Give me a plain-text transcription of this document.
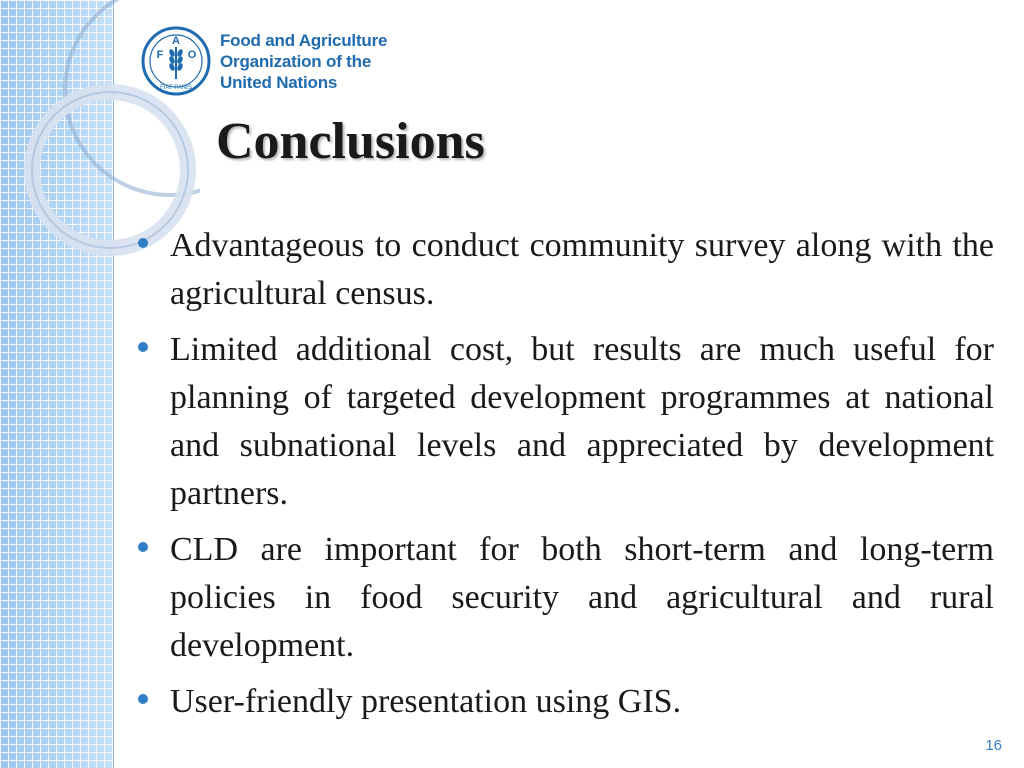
F
A
O
FIAT PANIS
Food and Agriculture
Organization of the
United Nations
Conclusions
Advantageous to conduct community survey along with the agricultural census.
Limited additional cost, but results are much useful for planning of targeted development programmes at national and subnational levels and appreciated by development partners.
CLD are important for both short-term and long-term policies in food security and agricultural and rural development.
User-friendly presentation using GIS.
16
